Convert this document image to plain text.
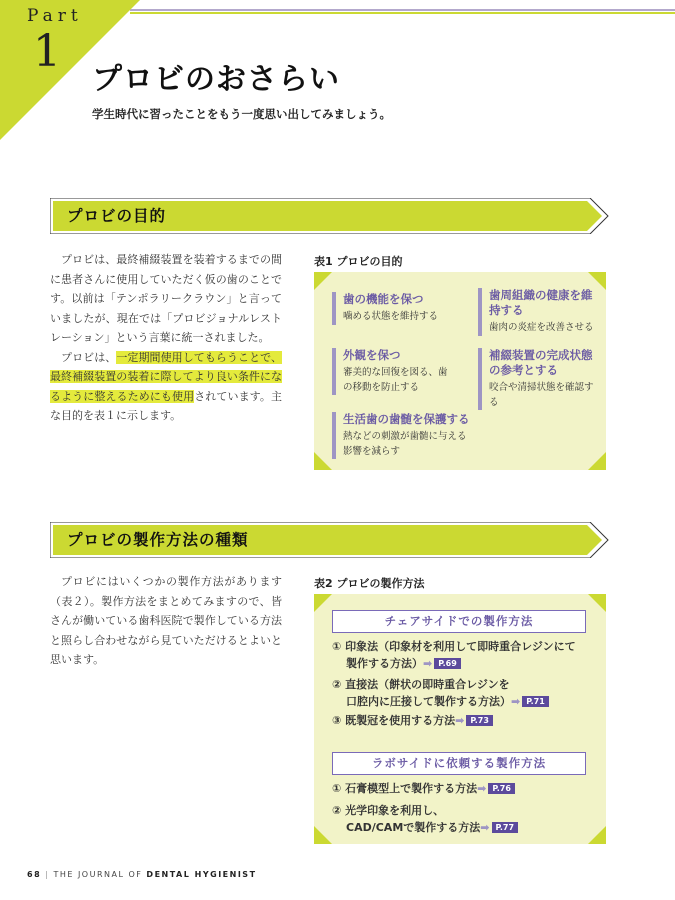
Part
1
プロビのおさらい
学生時代に習ったことをもう一度思い出してみましょう。
プロビの目的

プロビは、最終補綴装置を装着するまでの間に患者さんに使用していただく仮の歯のことです。以前は「テンポラリークラウン」と言っていましたが、現在では「プロビジョナルレストレーション」という言葉に統一されました。

プロビは、一定期間使用してもらうことで、最終補綴装置の装着に際してより良い条件になるように整えるためにも使用されています。主な目的を表１に示します。

表1 プロビの目的
歯の機能を保つ
噛める状態を維持する
歯周組織の健康を維持する
歯肉の炎症を改善させる
外観を保つ
審美的な回復を図る、歯の移動を防止する
補綴装置の完成状態の参考とする
咬合や清掃状態を確認する
生活歯の歯髄を保護する
熱などの刺激が歯髄に与える影響を減らす
プロビの製作方法の種類

プロビにはいくつかの製作方法があります（表２）。製作方法をまとめてみますので、皆さんが働いている歯科医院で製作している方法と照らし合わせながら見ていただけるとよいと思います。

表2 プロビの製作方法
チェアサイドでの製作方法
① 印象法（印象材を利用して即時重合レジンにて
製作する方法）➡ P.69
② 直接法（餅状の即時重合レジンを
口腔内に圧接して製作する方法）➡ P.71
③ 既製冠を使用する方法➡ P.73
ラボサイドに依頼する製作方法
① 石膏模型上で製作する方法➡ P.76
② 光学印象を利用し、
CAD/CAMで製作する方法➡ P.77
68 | THE JOURNAL OF DENTAL HYGIENIST
